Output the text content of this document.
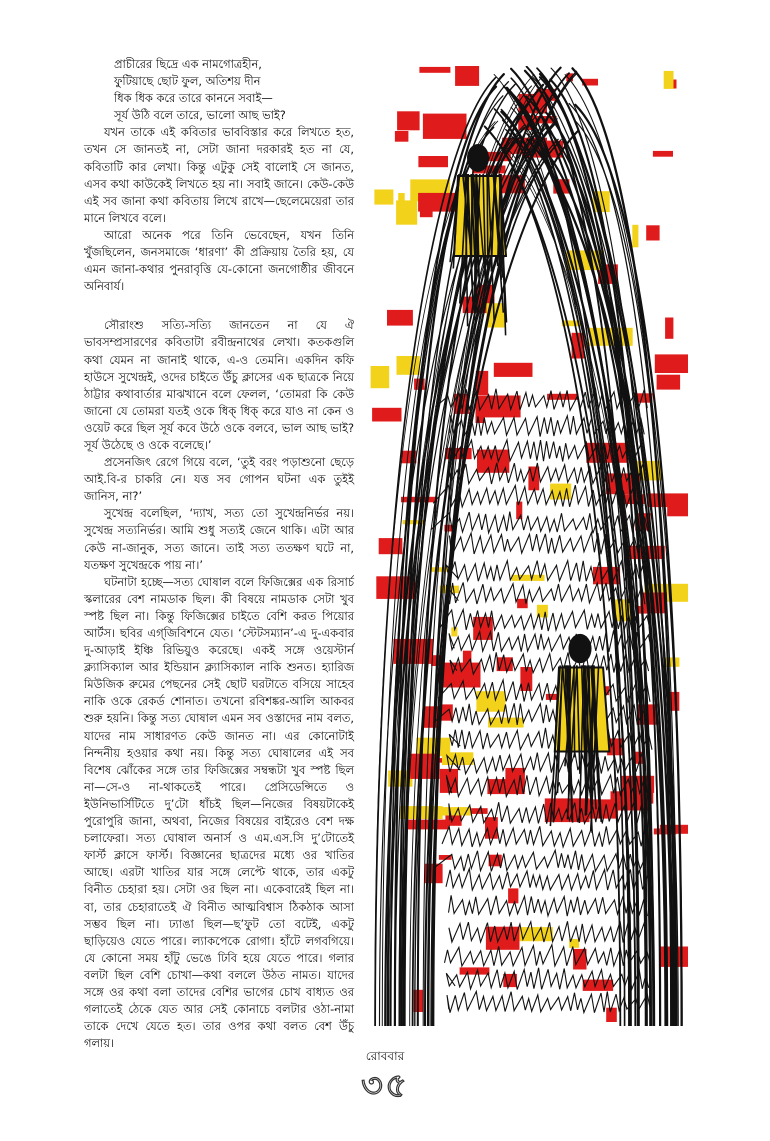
প্রাচীরের ছিদ্রে এক নামগোত্রহীন,
ফুটিয়াছে ছোট ফুল, অতিশয় দীন
ধিক ধিক করে তারে কাননে সবাই—
সূর্য উঠি বলে তারে, ভালো আছ ভাই?

যখন তাকে এই কবিতার ভাববিস্তার করে লিখতে হত, তখন সে জানতই না, সেটা জানা দরকারই হত না যে, কবিতাটি কার লেখা। কিন্তু এটুকু সেই বালোই সে জানত, এসব কথা কাউকেই লিখতে হয় না। সবাই জানে। কেউ-কেউ এই সব জানা কথা কবিতায় লিখে রাখে—ছেলেমেয়েরা তার মানে লিখবে বলে।

আরো অনেক পরে তিনি ভেবেছেন, যখন তিনি খুঁজছিলেন, জনসমাজে ‘ধারণা’ কী প্রক্রিয়ায় তৈরি হয়, যে এমন জানা-কথার পুনরাবৃত্তি যে-কোনো জনগোষ্ঠীর জীবনে অনিবার্য।

সৌরাংশু সত্যি-সত্যি জানতেন না যে ঐ ভাবসম্প্রসারণের কবিতাটা রবীন্দ্রনাথের লেখা। কতকগুলি কথা যেমন না জানাই থাকে, এ-ও তেমনি। একদিন কফি হাউসে সুখেন্দ্রই, ওদের চাইতে উঁচু ক্লাসের এক ছাত্রকে নিয়ে ঠাট্টার কথাবার্তার মাঝখানে বলে ফেলল, ‘তোমরা কি কেউ জানো যে তোমরা যতই ওকে ধিক্‌ ধিক্‌ করে যাও না কেন ও ওয়েট করে ছিল সূর্য কবে উঠে ওকে বলবে, ভাল আছ ভাই? সূর্য উঠেছে ও ওকে বলেছে।’

প্রসেনজিৎ রেগে গিয়ে বলে, ‘তুই বরং পড়াশুনো ছেড়ে আই.বি-র চাকরি নে। যত্ত সব গোপন ঘটনা এক তুইই জানিস, না?’

সুখেন্দ্র বলেছিল, ‘দ্যাখ, সত্য তো সুখেন্দ্রনির্ভর নয়। সুখেন্দ্র সত্যনির্ভর। আমি শুধু সত্যই জেনে থাকি। এটা আর কেউ না-জানুক, সত্য জানে। তাই সত্য ততক্ষণ ঘটে না, যতক্ষণ সুখেন্দ্রকে পায় না।’

ঘটনাটা হচ্ছে—সত্য ঘোষাল বলে ফিজিক্সের এক রিসার্চ স্কলারের বেশ নামডাক ছিল। কী বিষয়ে নামডাক সেটা খুব স্পষ্ট ছিল না। কিন্তু ফিজিক্সের চাইতে বেশি করত পিয়োর আর্টস। ছবির এগ্‌জিবিশনে যেত। ‘স্টেটসম্যান’-এ দু-একবার দু-আড়াই ইঞ্চি রিভিয়ুও করেছে। একই সঙ্গে ওয়েস্টার্ন ক্ল্যাসিক্যাল আর ইন্ডিয়ান ক্ল্যাসিক্যাল নাকি শুনত। হ্যারিজ মিউজিক রুমের পেছনের সেই ছোট ঘরটাতে বসিয়ে সাহেব নাকি ওকে রেকর্ড শোনাত। তখনো রবিশঙ্কর-আলি আকবর শুরু হয়নি। কিন্তু সত্য ঘোষাল এমন সব ওস্তাদের নাম বলত, যাদের নাম সাধারণত কেউ জানত না। এর কোনোটাই নিন্দনীয় হওয়ার কথা নয়। কিন্তু সত্য ঘোষালের এই সব বিশেষ ঝোঁকের সঙ্গে তার ফিজিক্সের সম্বন্ধটা খুব স্পষ্ট ছিল না—সে-ও না-থাকতেই পারে। প্রেসিডেন্সিতে ও ইউনিভার্সিটিতে দু’টো ধাঁচই ছিল—নিজের বিষয়টাকেই পুরোপুরি জানা, অথবা, নিজের বিষয়ের বাইরেও বেশ দক্ষ চলাফেরা। সত্য ঘোষাল অনার্স ও এম.এস.সি দু’টোতেই ফার্স্ট ক্লাসে ফার্স্ট। বিজ্ঞানের ছাত্রদের মধ্যে ওর খাতির আছে। এরটা খাতির যার সঙ্গে লেপ্টে থাকে, তার একটু বিনীত চেহারা হয়। সেটা ওর ছিল না। একেবারেই ছিল না। বা, তার চেহারাতেই ঐ বিনীত আত্মবিশ্বাস ঠিকঠাক আসা সম্ভব ছিল না। ঢ্যাঙা ছিল—ছ’ফুট তো বটেই, একটু ছাড়িয়েও যেতে পারে। ল্যাকপেকে রোগা। হাঁটে লগবগিয়ে। যে কোনো সময় হাঁটু ভেঙে ঢিবি হয়ে যেতে পারে। গলার বলটা ছিল বেশি চোখা—কথা বললে উঠত নামত। যাদের সঙ্গে ওর কথা বলা তাদের বেশির ভাগের চোখ বাধ্যত ওর গলাতেই ঠেকে যেত আর সেই কোনাচে বলটার ওঠা-নামা তাকে দেখে যেতে হত। তার ওপর কথা বলত বেশ উঁচু গলায়।

রোববার
৩৫
